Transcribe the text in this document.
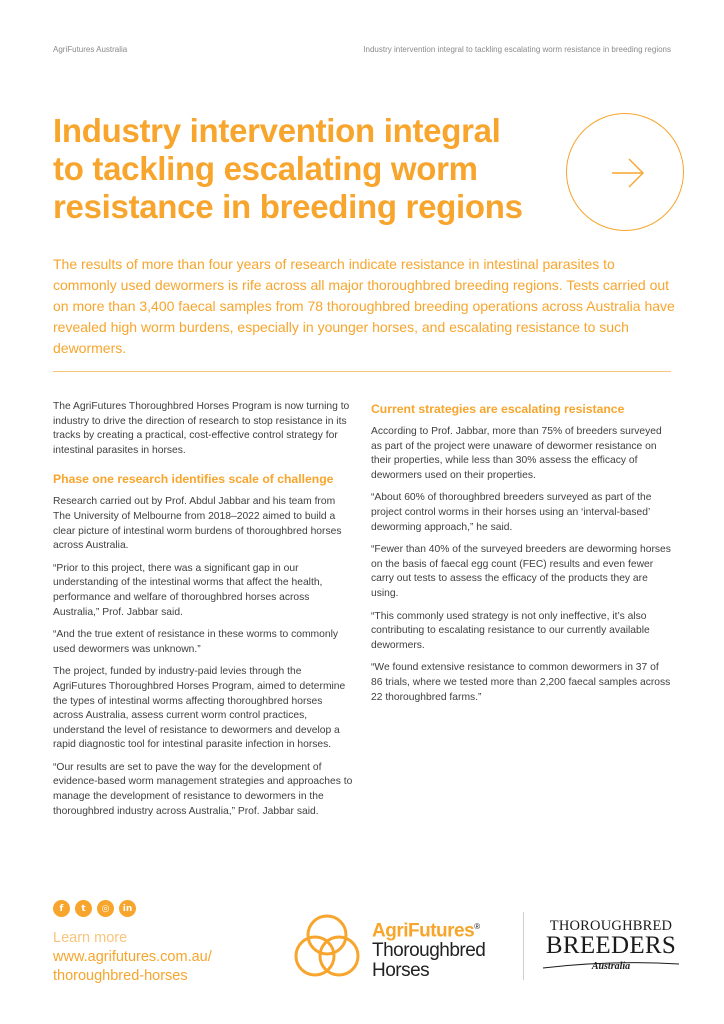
AgriFutures Australia	Industry intervention integral to tackling escalating worm resistance in breeding regions
Industry intervention integral
to tackling escalating worm
resistance in breeding regions

The results of more than four years of research indicate resistance in intestinal parasites to commonly used dewormers is rife across all major thoroughbred breeding regions. Tests carried out on more than 3,400 faecal samples from 78 thoroughbred breeding operations across Australia have revealed high worm burdens, especially in younger horses, and escalating resistance to such dewormers.

The AgriFutures Thoroughbred Horses Program is now turning to industry to drive the direction of research to stop resistance in its tracks by creating a practical, cost-effective control strategy for intestinal parasites in horses.

Phase one research identifies scale of challenge

Research carried out by Prof. Abdul Jabbar and his team from The University of Melbourne from 2018–2022 aimed to build a clear picture of intestinal worm burdens of thoroughbred horses across Australia.

“Prior to this project, there was a significant gap in our understanding of the intestinal worms that affect the health, performance and welfare of thoroughbred horses across Australia,” Prof. Jabbar said.

“And the true extent of resistance in these worms to commonly used dewormers was unknown.”

The project, funded by industry-paid levies through the AgriFutures Thoroughbred Horses Program, aimed to determine the types of intestinal worms affecting thoroughbred horses across Australia, assess current worm control practices, understand the level of resistance to dewormers and develop a rapid diagnostic tool for intestinal parasite infection in horses.

“Our results are set to pave the way for the development of evidence-based worm management strategies and approaches to manage the development of resistance to dewormers in the thoroughbred industry across Australia,” Prof. Jabbar said.

Current strategies are escalating resistance

According to Prof. Jabbar, more than 75% of breeders surveyed as part of the project were unaware of dewormer resistance on their properties, while less than 30% assess the efficacy of dewormers used on their properties.

“About 60% of thoroughbred breeders surveyed as part of the project control worms in their horses using an ‘interval-based’ deworming approach,” he said.

“Fewer than 40% of the surveyed breeders are deworming horses on the basis of faecal egg count (FEC) results and even fewer carry out tests to assess the efficacy of the products they are using.

“This commonly used strategy is not only ineffective, it’s also contributing to escalating resistance to our currently available dewormers.

“We found extensive resistance to common dewormers in 37 of 86 trials, where we tested more than 2,200 faecal samples across 22 thoroughbred farms.”

f	t	◎	in
Learn more
www.agrifutures.com.au/
thoroughbred-horses
AgriFutures®
Thoroughbred
Horses
THOROUGHBRED
BREEDERS
Australia
